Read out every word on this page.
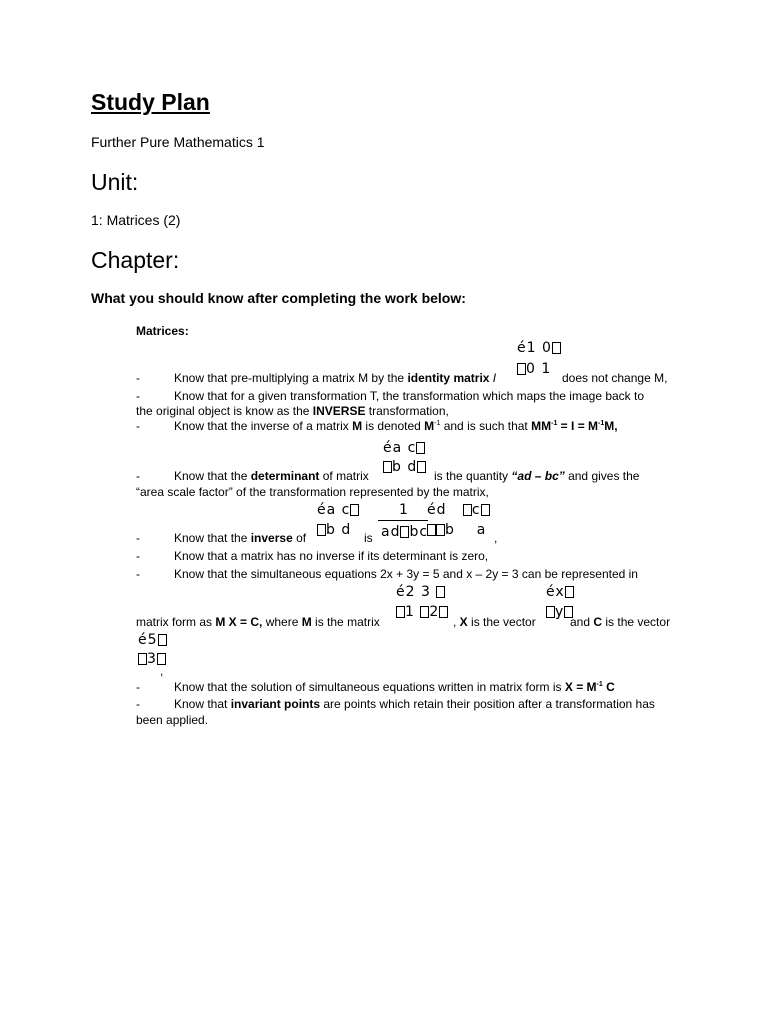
Study Plan
Further Pure Mathematics 1
Unit:
1: Matrices (2)
Chapter:
What you should know after completing the work below:
Matrices:
é1 0
0 1
-	Know that pre-multiplying a matrix M by the identity matrix I	does not change M,
-	Know that for a given transformation T, the transformation which maps the image back to
the original object is know as the INVERSE transformation,
-	Know that the inverse of a matrix M is denoted $M^{-1}$ and is such that $MM^{-1} = I = M^{-1}M$,
éa c
b d
-	Know that the determinant of matrix	is the quantity “ad – bc” and gives the
“area scale factor” of the transformation represented by the matrix,
éa c
b d
1
ad bc
éd c
b a
-	Know that the inverse of	is	,
-	Know that a matrix has no inverse if its determinant is zero,
-	Know that the simultaneous equations 2x + 3y = 5 and x – 2y = 3 can be represented in
é2 3
1 2
éx
y
matrix form as M X = C, where M is the matrix	, X is the vector	and C is the vector
é5
3
,
-	Know that the solution of simultaneous equations written in matrix form is $X = M^{-1}$ C
-	Know that invariant points are points which retain their position after a transformation has
been applied.
